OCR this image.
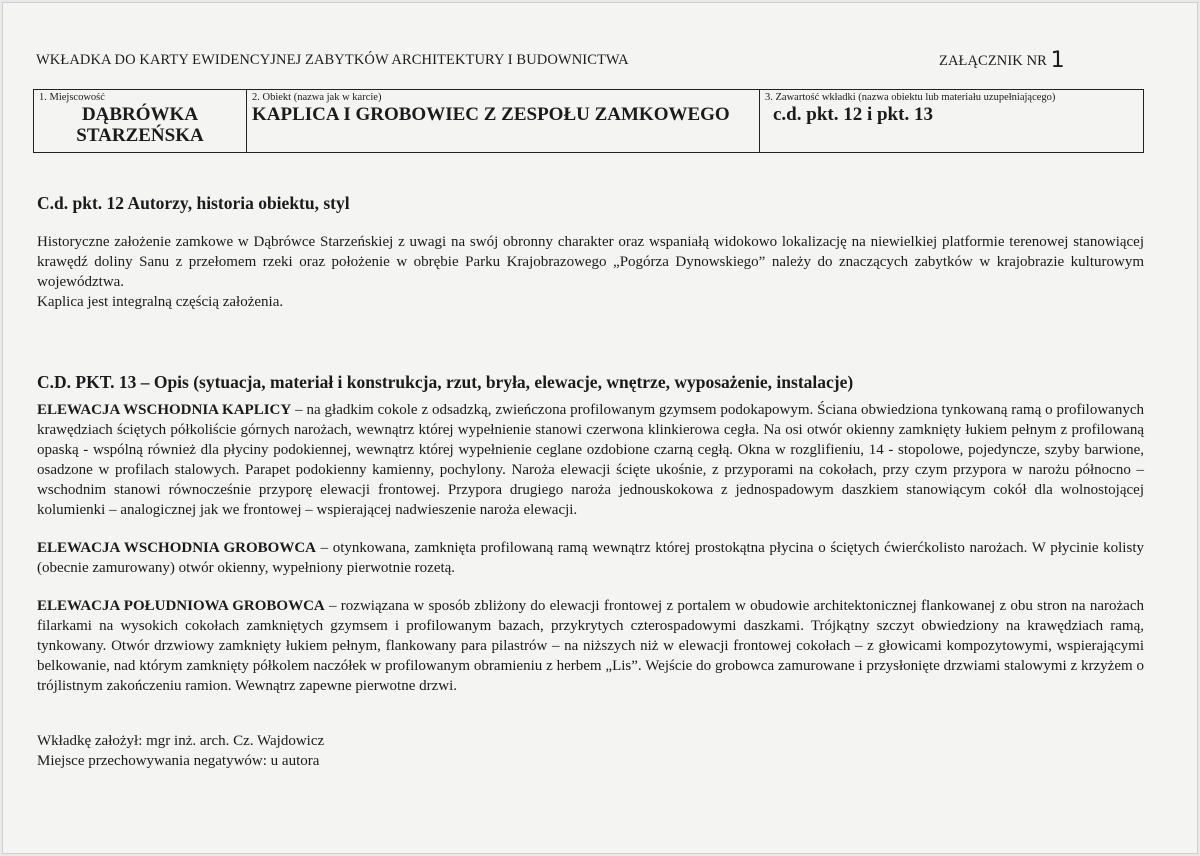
WKŁADKA DO KARTY EWIDENCYJNEJ ZABYTKÓW ARCHITEKTURY I BUDOWNICTWA	ZAŁĄCZNIK NR 1
1. Miejscowość
DĄBRÓWKA
STARZEŃSKA

2. Obiekt (nazwa jak w karcie)
KAPLICA I GROBOWIEC Z ZESPOŁU ZAMKOWEGO

3. Zawartość wkładki (nazwa obiektu lub materiału uzupełniającego)
c.d. pkt. 12 i pkt. 13
C.d. pkt. 12 Autorzy, historia obiektu, styl

Historyczne założenie zamkowe w Dąbrówce Starzeńskiej z uwagi na swój obronny charakter oraz wspaniałą widokowo lokalizację na niewielkiej platformie terenowej stanowiącej krawędź doliny Sanu z przełomem rzeki oraz położenie w obrębie Parku Krajobrazowego „Pogórza Dynowskiego” należy do znaczących zabytków w krajobrazie kulturowym województwa.

Kaplica jest integralną częścią założenia.

C.D. PKT. 13 – Opis (sytuacja, materiał i konstrukcja, rzut, bryła, elewacje, wnętrze, wyposażenie, instalacje)

ELEWACJA WSCHODNIA KAPLICY – na gładkim cokole z odsadzką, zwieńczona profilowanym gzymsem podokapowym. Ściana obwiedziona tynkowaną ramą o profilowanych krawędziach ściętych półkoliście górnych narożach, wewnątrz której wypełnienie stanowi czerwona klinkierowa cegła. Na osi otwór okienny zamknięty łukiem pełnym z profilowaną opaską - wspólną również dla płyciny podokiennej, wewnątrz której wypełnienie ceglane ozdobione czarną cegłą. Okna w rozglifieniu, 14 - stopolowe, pojedyncze, szyby barwione, osadzone w profilach stalowych. Parapet podokienny kamienny, pochylony. Naroża elewacji ścięte ukośnie, z przyporami na cokołach, przy czym przypora w narożu północno – wschodnim stanowi równocześnie przyporę elewacji frontowej. Przypora drugiego naroża jednouskokowa z jednospadowym daszkiem stanowiącym cokół dla wolnostojącej kolumienki – analogicznej jak we frontowej – wspierającej nadwieszenie naroża elewacji.

ELEWACJA WSCHODNIA GROBOWCA – otynkowana, zamknięta profilowaną ramą wewnątrz której prostokątna płycina o ściętych ćwierćkolisto narożach. W płycinie kolisty (obecnie zamurowany) otwór okienny, wypełniony pierwotnie rozetą.

ELEWACJA POŁUDNIOWA GROBOWCA – rozwiązana w sposób zbliżony do elewacji frontowej z portalem w obudowie architektonicznej flankowanej z obu stron na narożach filarkami na wysokich cokołach zamkniętych gzymsem i profilowanym bazach, przykrytych czterospadowymi daszkami. Trójkątny szczyt obwiedziony na krawędziach ramą, tynkowany. Otwór drzwiowy zamknięty łukiem pełnym, flankowany para pilastrów – na niższych niż w elewacji frontowej cokołach – z głowicami kompozytowymi, wspierającymi belkowanie, nad którym zamknięty półkolem naczółek w profilowanym obramieniu z herbem „Lis”. Wejście do grobowca zamurowane i przysłonięte drzwiami stalowymi z krzyżem o trójlistnym zakończeniu ramion. Wewnątrz zapewne pierwotne drzwi.

Wkładkę założył: mgr inż. arch. Cz. Wajdowicz
Miejsce przechowywania negatywów: u autora
